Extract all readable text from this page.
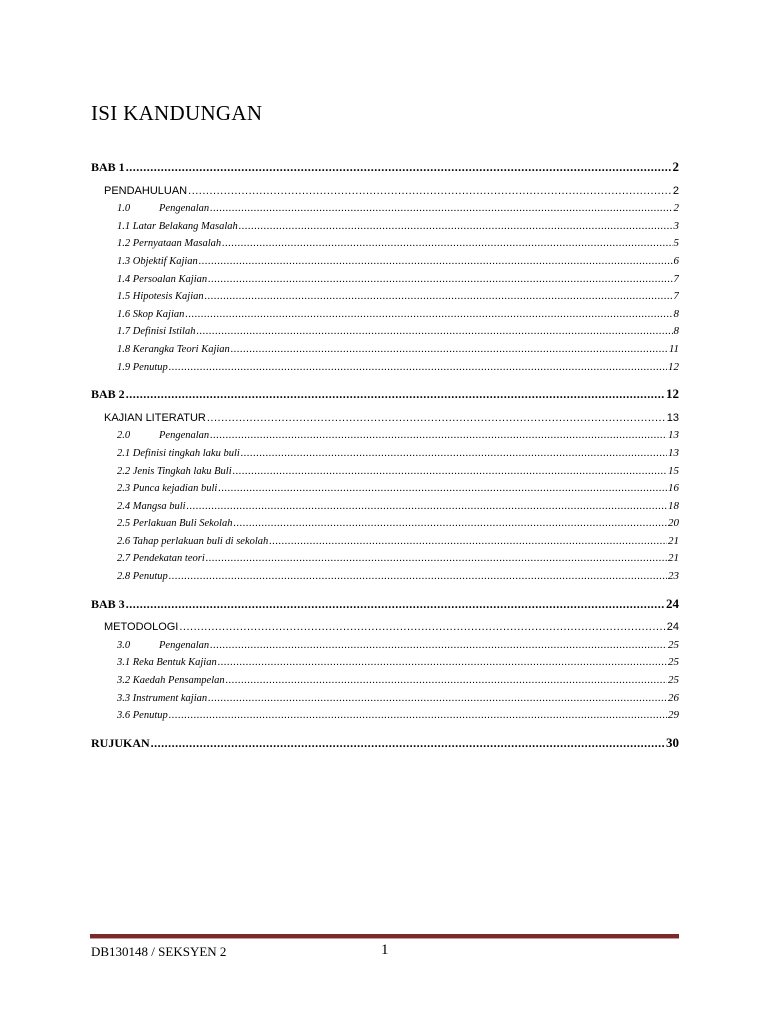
ISI KANDUNGAN
BAB 1 .....	2
PENDAHULUAN .....	2
1.0	Pengenalan .....	2
1.1 Latar Belakang Masalah .....	3
1.2 Pernyataan Masalah .....	5
1.3 Objektif Kajian .....	6
1.4 Persoalan Kajian .....	7
1.5 Hipotesis Kajian .....	7
1.6 Skop Kajian .....	8
1.7 Definisi Istilah .....	8
1.8 Kerangka Teori Kajian .....	11
1.9 Penutup .....	12
BAB 2 .....	12
KAJIAN LITERATUR .....	13
2.0	Pengenalan .....	13
2.1 Definisi tingkah laku buli .....	13
2.2 Jenis Tingkah laku Buli .....	15
2.3 Punca kejadian buli .....	16
2.4 Mangsa buli .....	18
2.5 Perlakuan Buli Sekolah .....	20
2.6 Tahap perlakuan buli di sekolah .....	21
2.7 Pendekatan teori .....	21
2.8 Penutup .....	23
BAB 3 .....	24
METODOLOGI .....	24
3.0	Pengenalan .....	25
3.1 Reka Bentuk Kajian .....	25
3.2 Kaedah Pensampelan .....	25
3.3 Instrument kajian .....	26
3.6 Penutup .....	29
RUJUKAN .....	30
DB130148 / SEKSYEN 2	1
